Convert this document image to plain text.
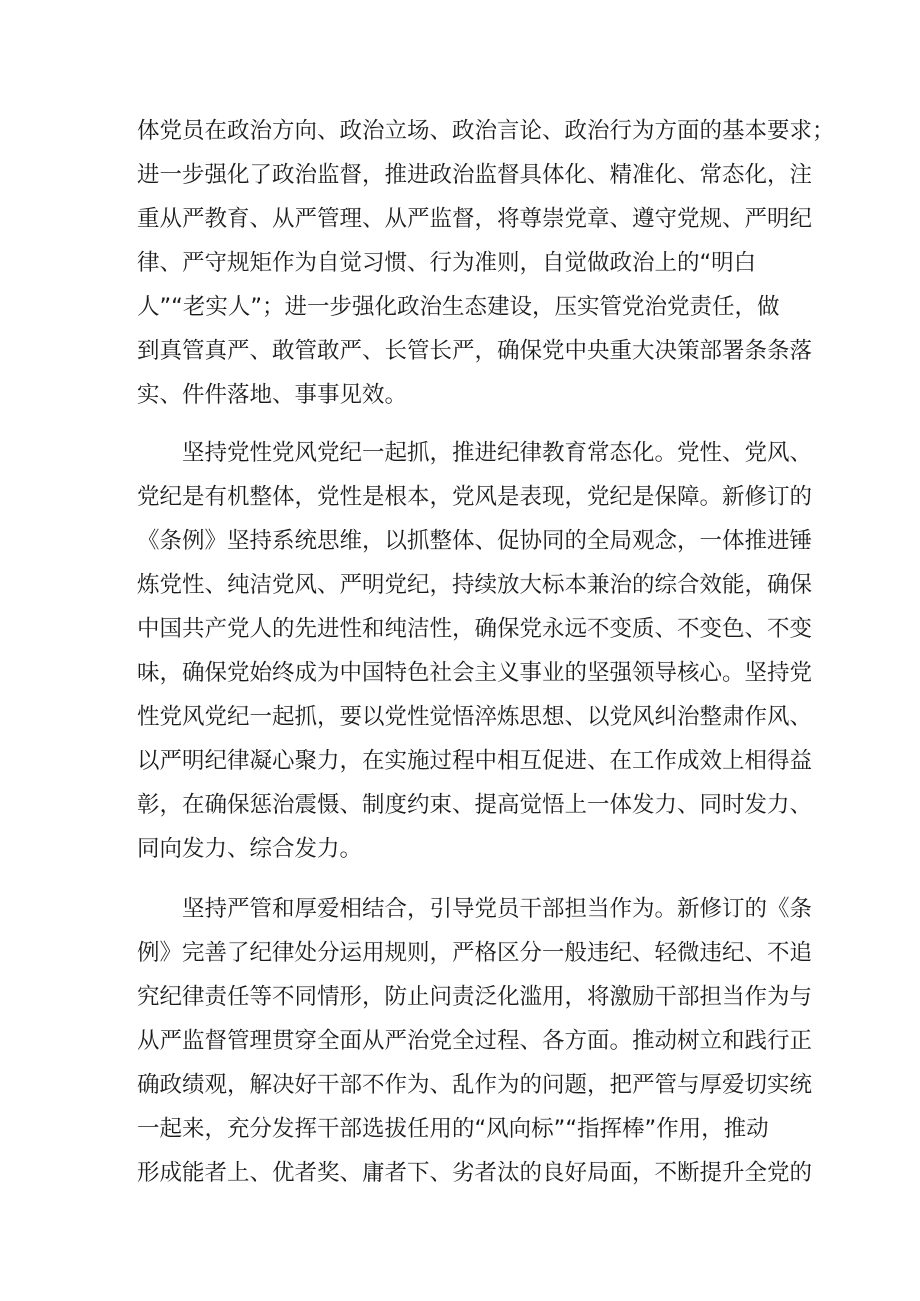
体党员在政治方向、政治立场、政治言论、政治行为方面的基本要求；
进一步强化了政治监督，推进政治监督具体化、精准化、常态化，注
重从严教育、从严管理、从严监督，将尊崇党章、遵守党规、严明纪
律、严守规矩作为自觉习惯、行为准则，自觉做政治上的“明白
人”“老实人”；进一步强化政治生态建设，压实管党治党责任，做
到真管真严、敢管敢严、长管长严，确保党中央重大决策部署条条落
实、件件落地、事事见效。
坚持党性党风党纪一起抓，推进纪律教育常态化。党性、党风、
党纪是有机整体，党性是根本，党风是表现，党纪是保障。新修订的
《条例》坚持系统思维，以抓整体、促协同的全局观念，一体推进锤
炼党性、纯洁党风、严明党纪，持续放大标本兼治的综合效能，确保
中国共产党人的先进性和纯洁性，确保党永远不变质、不变色、不变
味，确保党始终成为中国特色社会主义事业的坚强领导核心。坚持党
性党风党纪一起抓，要以党性觉悟淬炼思想、以党风纠治整肃作风、
以严明纪律凝心聚力，在实施过程中相互促进、在工作成效上相得益
彰，在确保惩治震慑、制度约束、提高觉悟上一体发力、同时发力、
同向发力、综合发力。
坚持严管和厚爱相结合，引导党员干部担当作为。新修订的《条
例》完善了纪律处分运用规则，严格区分一般违纪、轻微违纪、不追
究纪律责任等不同情形，防止问责泛化滥用，将激励干部担当作为与
从严监督管理贯穿全面从严治党全过程、各方面。推动树立和践行正
确政绩观，解决好干部不作为、乱作为的问题，把严管与厚爱切实统
一起来，充分发挥干部选拔任用的“风向标”“指挥棒”作用，推动
形成能者上、优者奖、庸者下、劣者汰的良好局面，不断提升全党的
